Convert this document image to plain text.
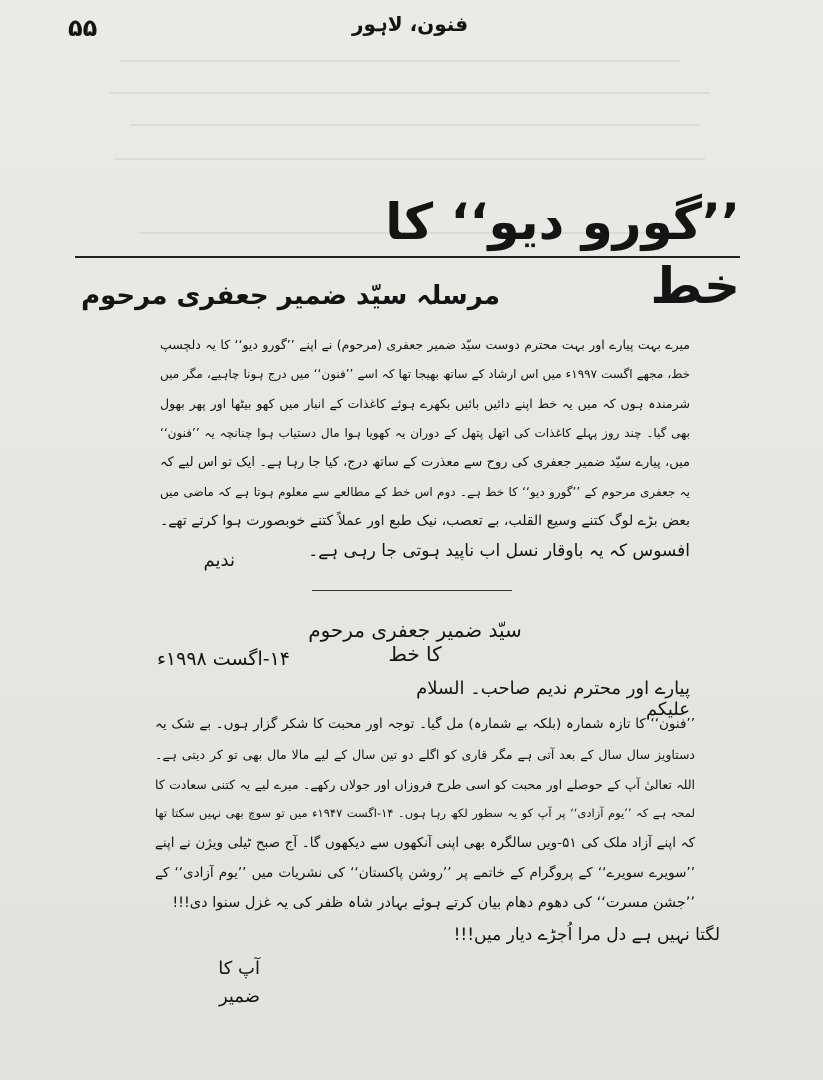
۵۵	فنون، لاہور
’’گورو دیو‘‘ کا خط
مرسلہ سیّد ضمیر جعفری مرحوم
میرے بہت پیارے اور بہت محترم دوست سیّد ضمیر جعفری (مرحوم) نے اپنے ’’گورو دیو‘‘ کا یہ دلچسپ
خط، مجھے اگست ۱۹۹۷ء میں اس ارشاد کے ساتھ بھیجا تھا کہ اسے ’’فنون‘‘ میں درج ہونا چاہیے، مگر میں
شرمندہ ہوں کہ میں یہ خط اپنے دائیں بائیں بکھرے ہوئے کاغذات کے انبار میں کھو بیٹھا اور پھر بھول
بھی گیا۔ چند روز پہلے کاغذات کی اتھل پتھل کے دوران یہ کھویا ہوا مال دستیاب ہوا چنانچہ یہ ’’فنون‘‘
میں، پیارے سیّد ضمیر جعفری کی روح سے معذرت کے ساتھ درج، کیا جا رہا ہے۔ ایک تو اس لیے کہ
یہ جعفری مرحوم کے ’’گورو دیو‘‘ کا خط ہے۔ دوم اس خط کے مطالعے سے معلوم ہوتا ہے کہ ماضی میں
بعض بڑے لوگ کتنے وسیع القلب، بے تعصب، نیک طبع اور عملاً کتنے خوبصورت ہوا کرتے تھے۔
افسوس کہ یہ باوقار نسل اب ناپید ہوتی جا رہی ہے۔
ندیم
سیّد ضمیر جعفری مرحوم کا خط
۱۴-اگست ۱۹۹۸ء
پیارے اور محترم ندیم صاحب۔ السلام علیکم
’’فنون‘‘ کا تازہ شمارہ (بلکہ بے شمارہ) مل گیا۔ توجہ اور محبت کا شکر گزار ہوں۔ بے شک یہ
دستاویز سال سال کے بعد آتی ہے مگر قاری کو اگلے دو تین سال کے لیے مالا مال بھی تو کر دیتی ہے۔
اللہ تعالیٰ آپ کے حوصلے اور محبت کو اسی طرح فروزاں اور جولاں رکھے۔ میرے لیے یہ کتنی سعادت کا
لمحہ ہے کہ ’’یوم آزادی‘‘ پر آپ کو یہ سطور لکھ رہا ہوں۔ ۱۴-اگست ۱۹۴۷ء میں تو سوچ بھی نہیں سکتا تھا
کہ اپنے آزاد ملک کی ۵۱-ویں سالگرہ بھی اپنی آنکھوں سے دیکھوں گا۔ آج صبح ٹیلی ویژن نے اپنے
’’سویرے سویرے‘‘ کے پروگرام کے خاتمے پر ’’روشن پاکستان‘‘ کی نشریات میں ’’یوم آزادی‘‘ کے
’’جشن مسرت‘‘ کی دھوم دھام بیان کرتے ہوئے بہادر شاہ ظفر کی یہ غزل سنوا دی!!!
لگتا نہیں ہے دل مرا اُجڑے دیار میں!!!
آپ کا
ضمیر
